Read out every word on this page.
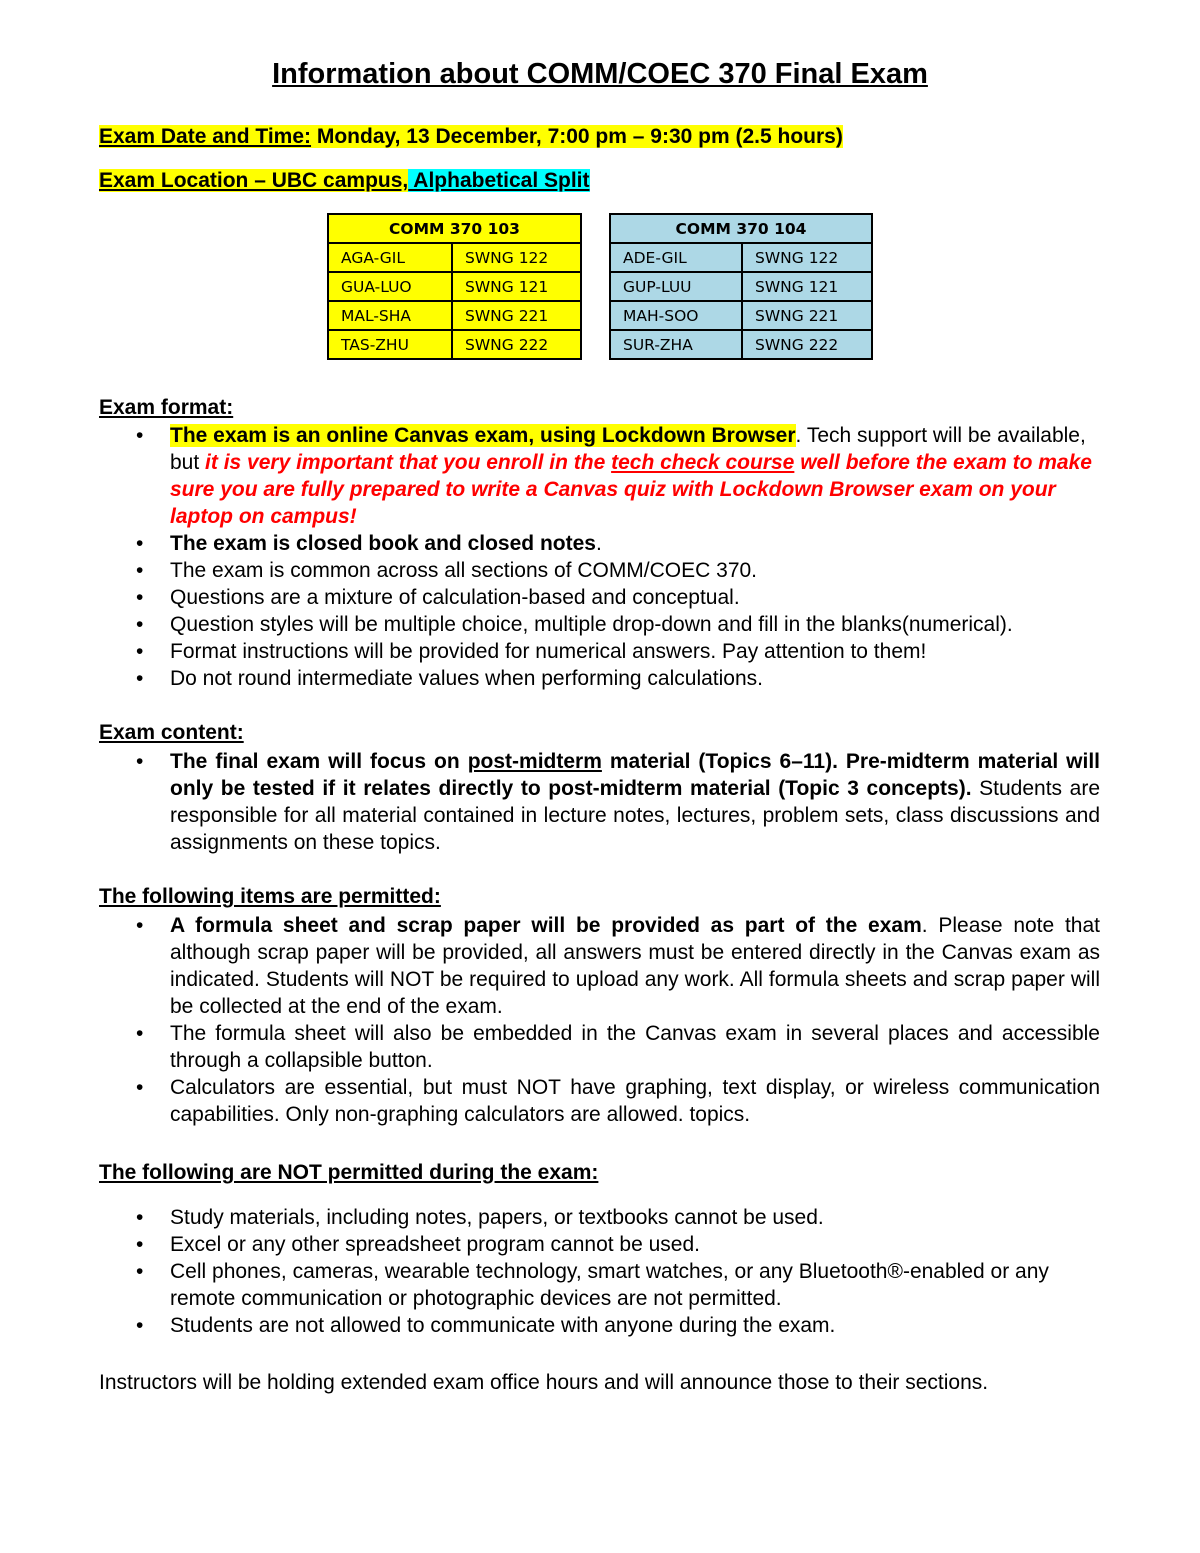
Information about COMM/COEC 370 Final Exam
Exam Date and Time: Monday, 13 December, 7:00 pm – 9:30 pm (2.5 hours)
Exam Location – UBC campus, Alphabetical Split
COMM 370 103	
AGA-GIL	SWNG 122
GUA-LUO	SWNG 121
MAL-SHA	SWNG 221
TAS-ZHU	SWNG 222
COMM 370 104	
ADE-GIL	SWNG 122
GUP-LUU	SWNG 121
MAH-SOO	SWNG 221
SUR-ZHA	SWNG 222
Exam format:
• The exam is an online Canvas exam, using Lockdown Browser. Tech support will be available, but it is very important that you enroll in the tech check course well before the exam to make sure you are fully prepared to write a Canvas quiz with Lockdown Browser exam on your laptop on campus!
• The exam is closed book and closed notes.
• The exam is common across all sections of COMM/COEC 370.
• Questions are a mixture of calculation-based and conceptual.
• Question styles will be multiple choice, multiple drop-down and fill in the blanks(numerical).
• Format instructions will be provided for numerical answers. Pay attention to them!
• Do not round intermediate values when performing calculations.
Exam content:
• The final exam will focus on post-midterm material (Topics 6–11). Pre-midterm material will only be tested if it relates directly to post-midterm material (Topic 3 concepts). Students are responsible for all material contained in lecture notes, lectures, problem sets, class discussions and assignments on these topics.
The following items are permitted:
• A formula sheet and scrap paper will be provided as part of the exam. Please note that although scrap paper will be provided, all answers must be entered directly in the Canvas exam as indicated. Students will NOT be required to upload any work. All formula sheets and scrap paper will be collected at the end of the exam.
• The formula sheet will also be embedded in the Canvas exam in several places and accessible through a collapsible button.
• Calculators are essential, but must NOT have graphing, text display, or wireless communication capabilities. Only non-graphing calculators are allowed. topics.
The following are NOT permitted during the exam:
• Study materials, including notes, papers, or textbooks cannot be used.
• Excel or any other spreadsheet program cannot be used.
• Cell phones, cameras, wearable technology, smart watches, or any Bluetooth®-enabled or any remote communication or photographic devices are not permitted.
• Students are not allowed to communicate with anyone during the exam.
Instructors will be holding extended exam office hours and will announce those to their sections.
